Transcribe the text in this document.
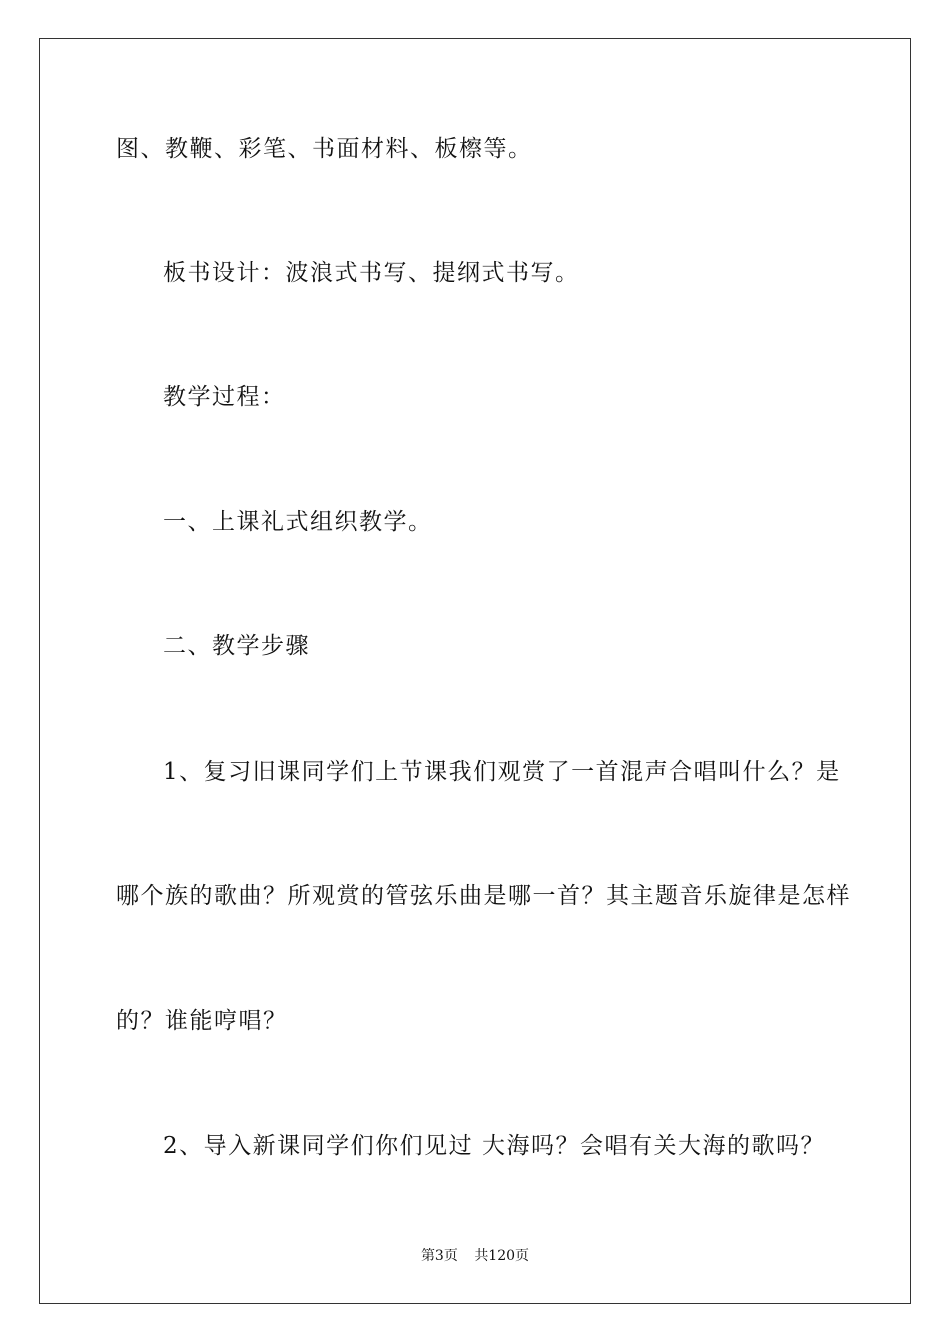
图、教鞭、彩笔、书面材料、板檫等。
板书设计：波浪式书写、提纲式书写。
教学过程：
一、上课礼式组织教学。
二、教学步骤
1、复习旧课同学们上节课我们观赏了一首混声合唱叫什么？是
哪个族的歌曲？所观赏的管弦乐曲是哪一首？其主题音乐旋律是怎样
的？谁能哼唱？
2、导入新课同学们你们见过 大海吗？会唱有关大海的歌吗？
第3页 共120页
